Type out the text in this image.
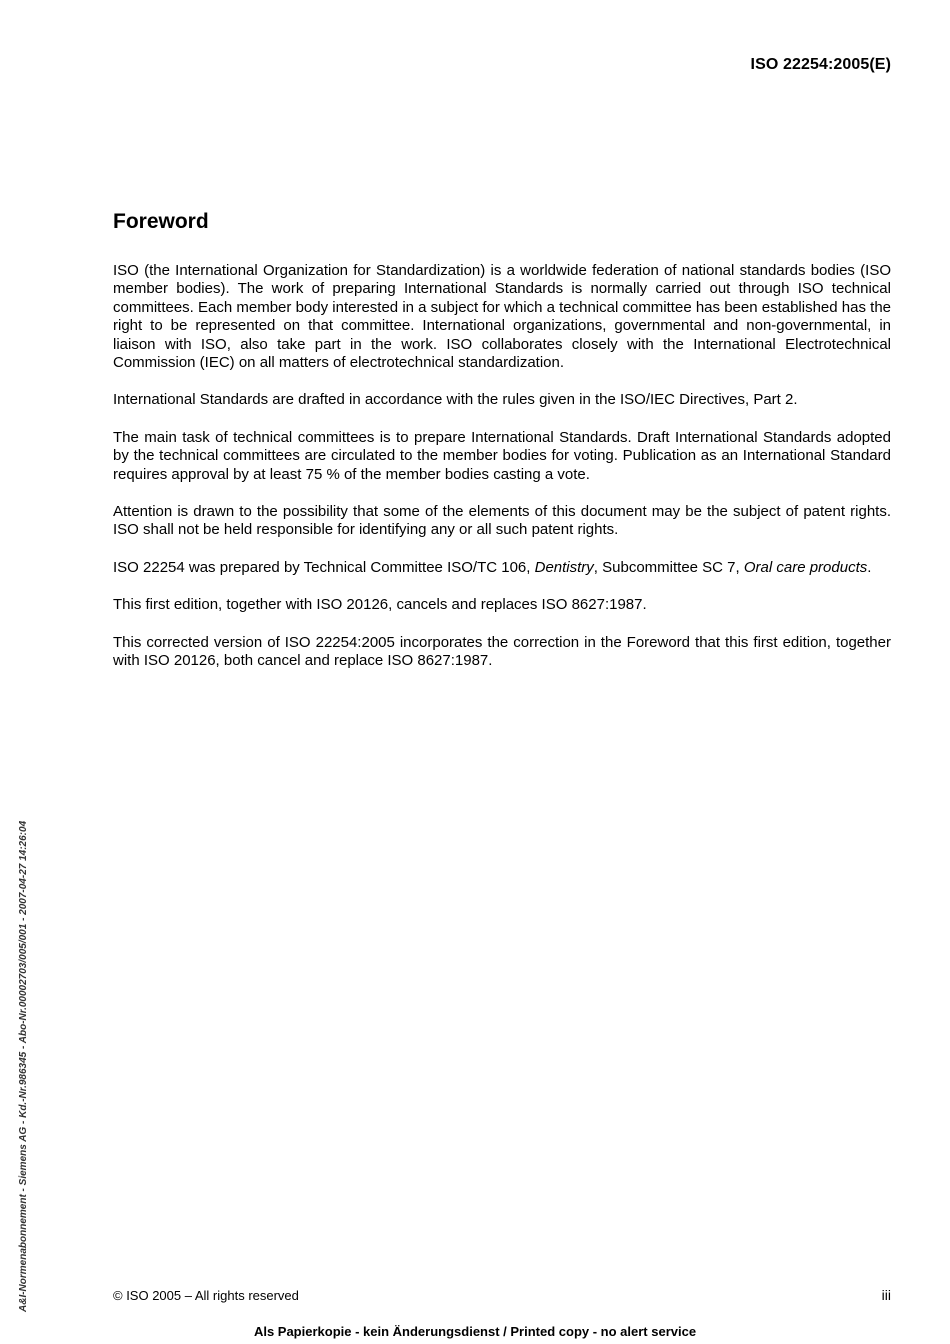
ISO 22254:2005(E)
Foreword

ISO (the International Organization for Standardization) is a worldwide federation of national standards bodies (ISO member bodies). The work of preparing International Standards is normally carried out through ISO technical committees. Each member body interested in a subject for which a technical committee has been established has the right to be represented on that committee. International organizations, governmental and non-governmental, in liaison with ISO, also take part in the work. ISO collaborates closely with the International Electrotechnical Commission (IEC) on all matters of electrotechnical standardization.

International Standards are drafted in accordance with the rules given in the ISO/IEC Directives, Part 2.

The main task of technical committees is to prepare International Standards. Draft International Standards adopted by the technical committees are circulated to the member bodies for voting. Publication as an International Standard requires approval by at least 75 % of the member bodies casting a vote.

Attention is drawn to the possibility that some of the elements of this document may be the subject of patent rights. ISO shall not be held responsible for identifying any or all such patent rights.

ISO 22254 was prepared by Technical Committee ISO/TC 106, Dentistry, Subcommittee SC 7, Oral care products.

This first edition, together with ISO 20126, cancels and replaces ISO 8627:1987.

This corrected version of ISO 22254:2005 incorporates the correction in the Foreword that this first edition, together with ISO 20126, both cancel and replace ISO 8627:1987.

A&I-Normenabonnement - Siemens AG - Kd.-Nr.986345 - Abo-Nr.00002703/005/001 - 2007-04-27 14:26:04	© ISO 2005 – All rights reserved	iii
Als Papierkopie - kein Änderungsdienst / Printed copy - no alert service
